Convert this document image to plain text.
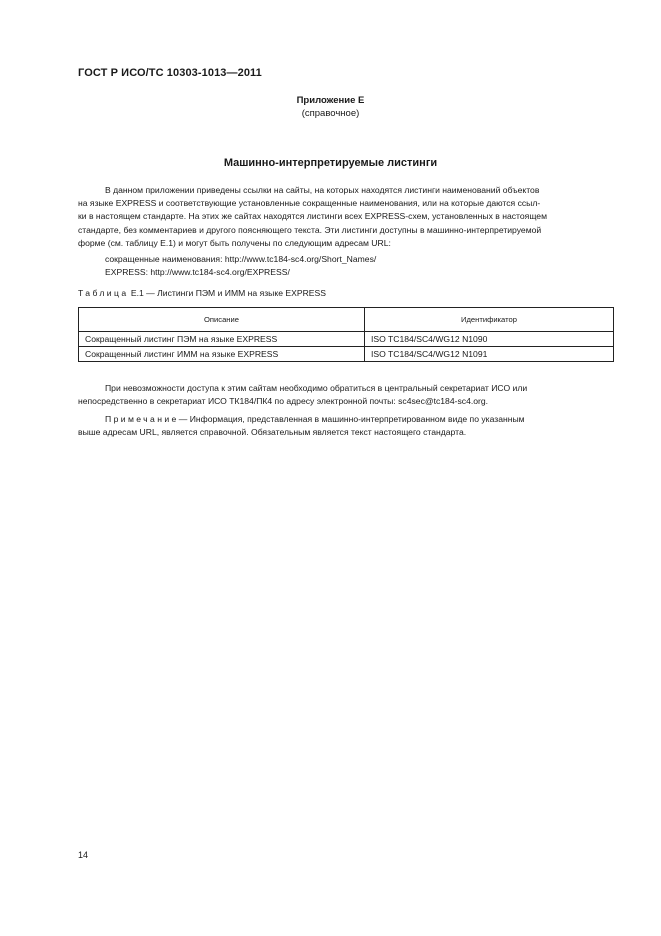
ГОСТ Р ИСО/ТС 10303-1013—2011
Приложение Е
(справочное)
Машинно-интерпретируемые листинги

В данном приложении приведены ссылки на сайты, на которых находятся листинги наименований объектов
на языке EXPRESS и соответствующие установленные сокращенные наименования, или на которые даются ссыл-
ки в настоящем стандарте. На этих же сайтах находятся листинги всех EXPRESS-схем, установленных в настоящем
стандарте, без комментариев и другого поясняющего текста. Эти листинги доступны в машинно-интерпретируемой
форме (см. таблицу Е.1) и могут быть получены по следующим адресам URL:

сокращенные наименования: http://www.tc184-sc4.org/Short_Names/
EXPRESS: http://www.tc184-sc4.org/EXPRESS/
Таблица Е.1 — Листинги ПЭМ и ИММ на языке EXPRESS
Описание	Идентификатор
Сокращенный листинг ПЭМ на языке EXPRESS	ISO TC184/SC4/WG12 N1090
Сокращенный листинг ИММ на языке EXPRESS	ISO TC184/SC4/WG12 N1091

При невозможности доступа к этим сайтам необходимо обратиться в центральный секретариат ИСО или
непосредственно в секретариат ИСО ТК184/ПК4 по адресу электронной почты: sc4sec@tc184-sc4.org.

Примечание— Информация, представленная в машинно-интерпретированном виде по указанным
выше адресам URL, является справочной. Обязательным является текст настоящего стандарта.

14
